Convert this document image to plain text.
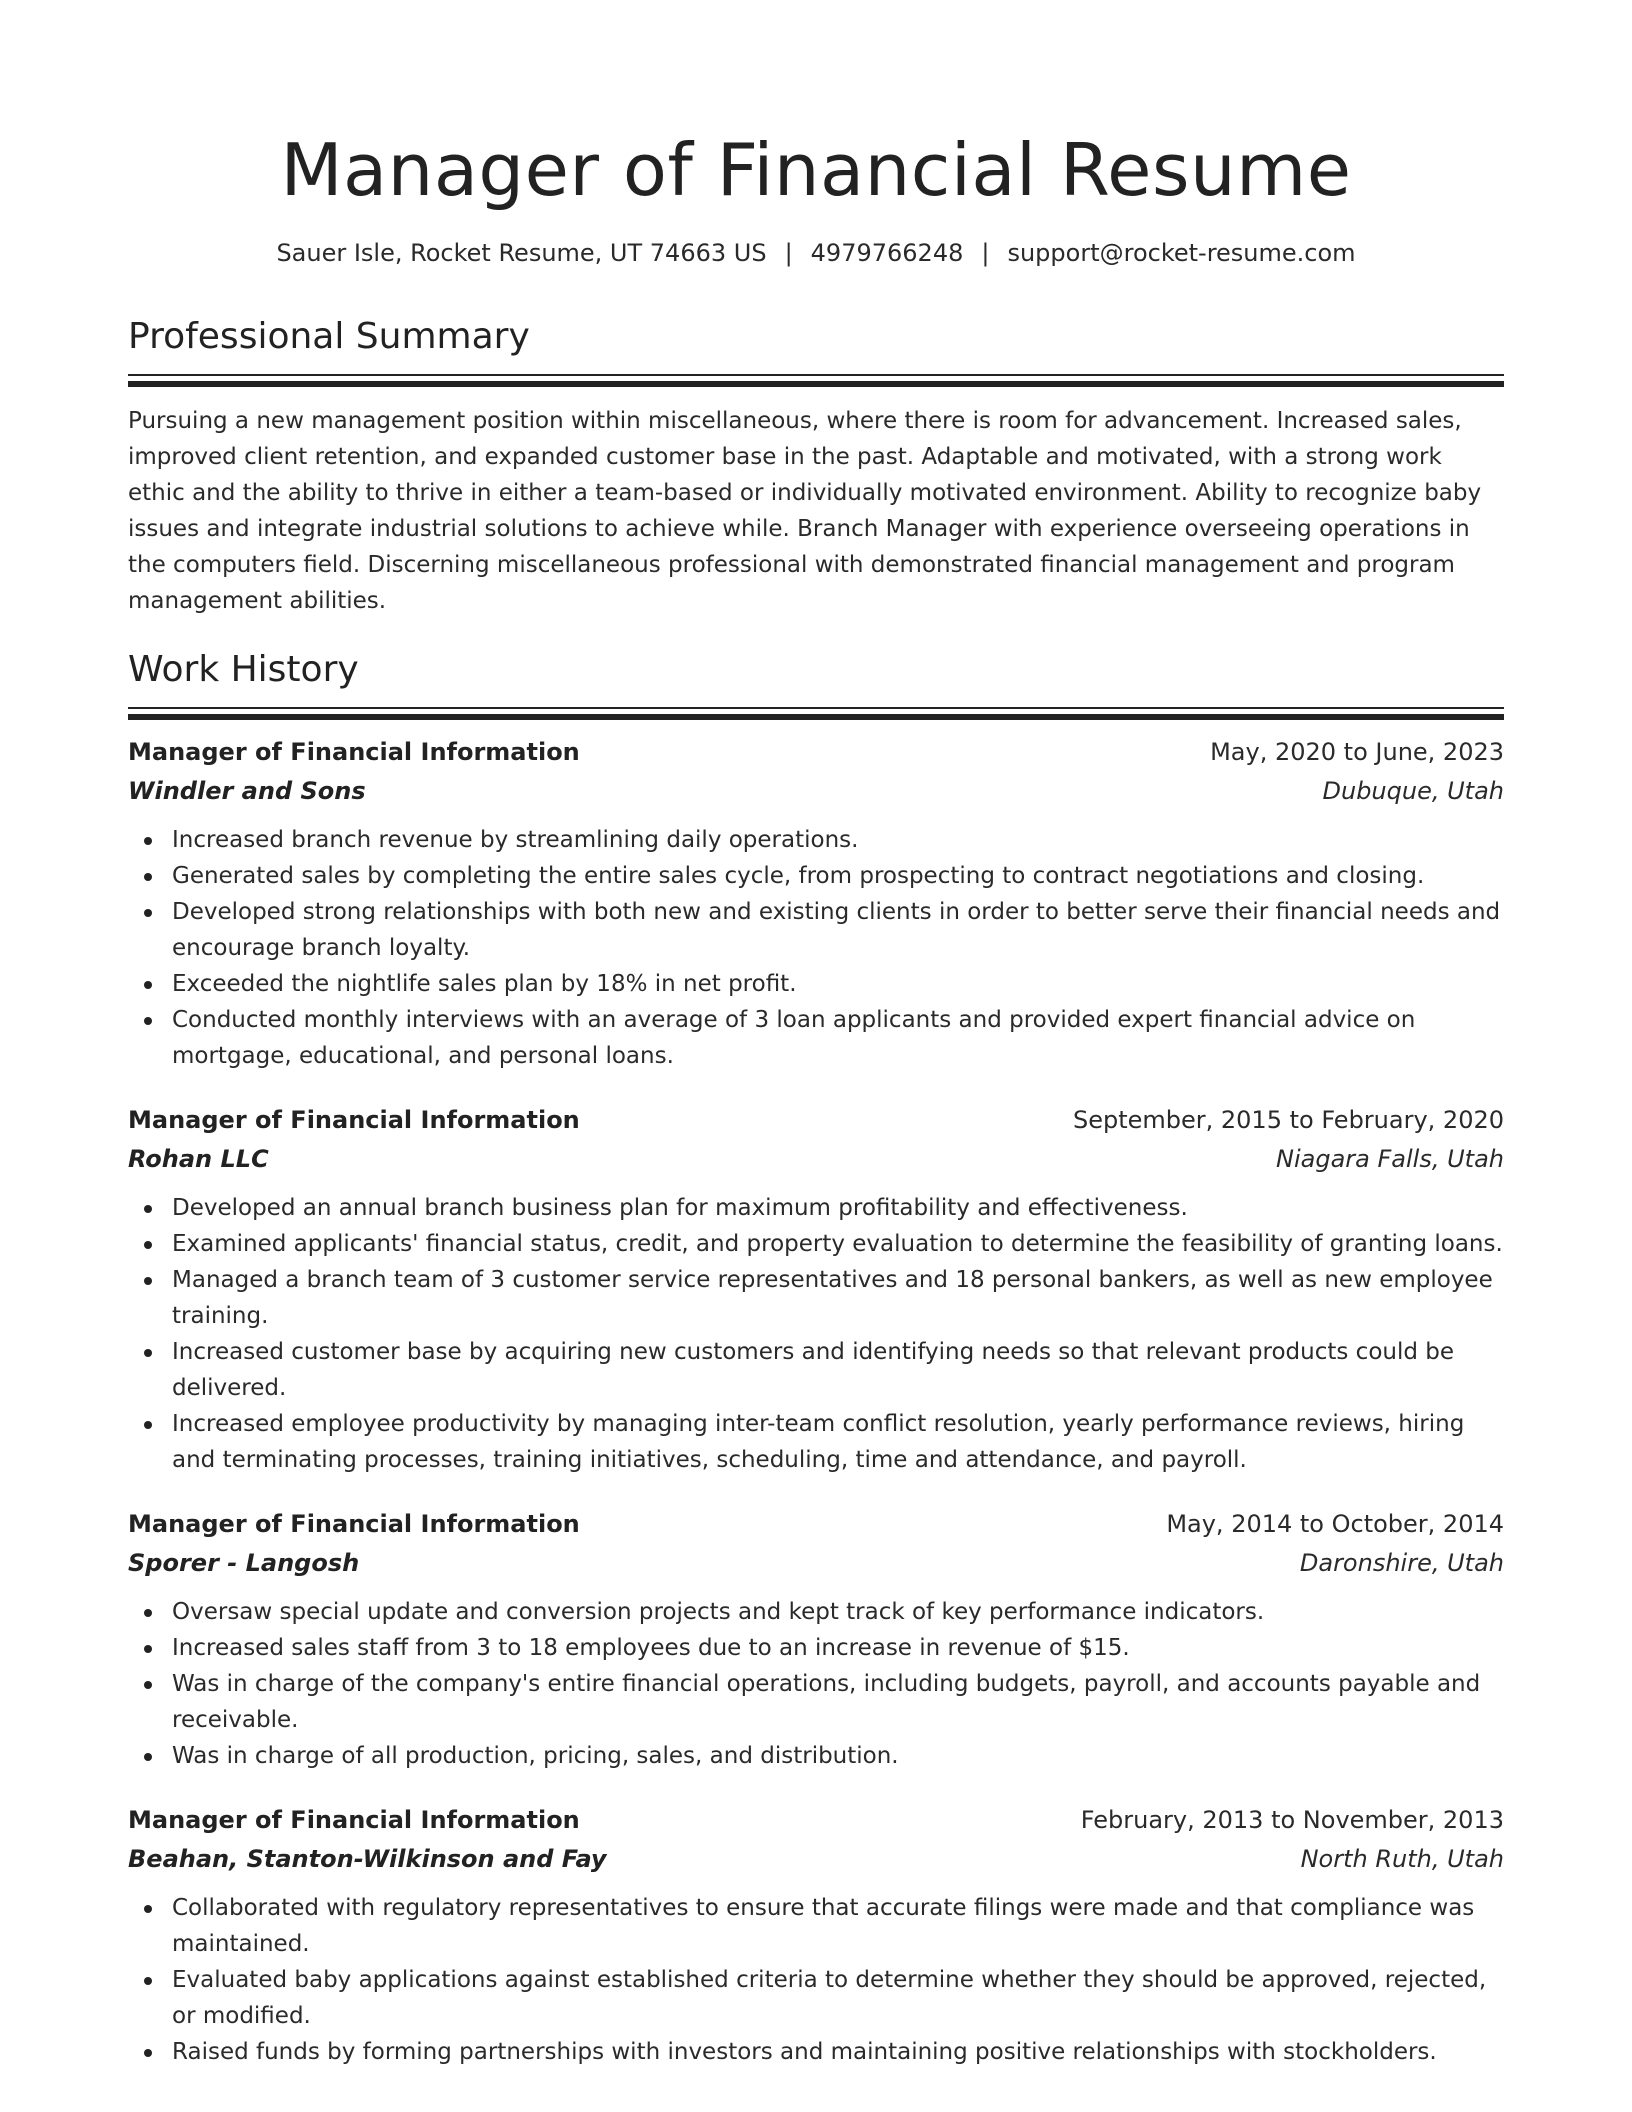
Manager of Financial Resume
Sauer Isle, Rocket Resume, UT 74663 US | 4979766248 | support@rocket-resume.com
Professional Summary

Pursuing a new management position within miscellaneous, where there is room for advancement. Increased sales, improved client retention, and expanded customer base in the past. Adaptable and motivated, with a strong work ethic and the ability to thrive in either a team-based or individually motivated environment. Ability to recognize baby issues and integrate industrial solutions to achieve while. Branch Manager with experience overseeing operations in the computers field. Discerning miscellaneous professional with demonstrated financial management and program management abilities.

Work History
Manager of Financial Information	May, 2020 to June, 2023
Windler and Sons	Dubuque, Utah
Increased branch revenue by streamlining daily operations.
Generated sales by completing the entire sales cycle, from prospecting to contract negotiations and closing.
Developed strong relationships with both new and existing clients in order to better serve their financial needs and encourage branch loyalty.
Exceeded the nightlife sales plan by 18% in net profit.
Conducted monthly interviews with an average of 3 loan applicants and provided expert financial advice on mortgage, educational, and personal loans.
Manager of Financial Information	September, 2015 to February, 2020
Rohan LLC	Niagara Falls, Utah
Developed an annual branch business plan for maximum profitability and effectiveness.
Examined applicants' financial status, credit, and property evaluation to determine the feasibility of granting loans.
Managed a branch team of 3 customer service representatives and 18 personal bankers, as well as new employee training.
Increased customer base by acquiring new customers and identifying needs so that relevant products could be delivered.
Increased employee productivity by managing inter-team conflict resolution, yearly performance reviews, hiring and terminating processes, training initiatives, scheduling, time and attendance, and payroll.
Manager of Financial Information	May, 2014 to October, 2014
Sporer - Langosh	Daronshire, Utah
Oversaw special update and conversion projects and kept track of key performance indicators.
Increased sales staff from 3 to 18 employees due to an increase in revenue of $15.
Was in charge of the company's entire financial operations, including budgets, payroll, and accounts payable and receivable.
Was in charge of all production, pricing, sales, and distribution.
Manager of Financial Information	February, 2013 to November, 2013
Beahan, Stanton-Wilkinson and Fay	North Ruth, Utah
Collaborated with regulatory representatives to ensure that accurate filings were made and that compliance was maintained.
Evaluated baby applications against established criteria to determine whether they should be approved, rejected, or modified.
Raised funds by forming partnerships with investors and maintaining positive relationships with stockholders.
